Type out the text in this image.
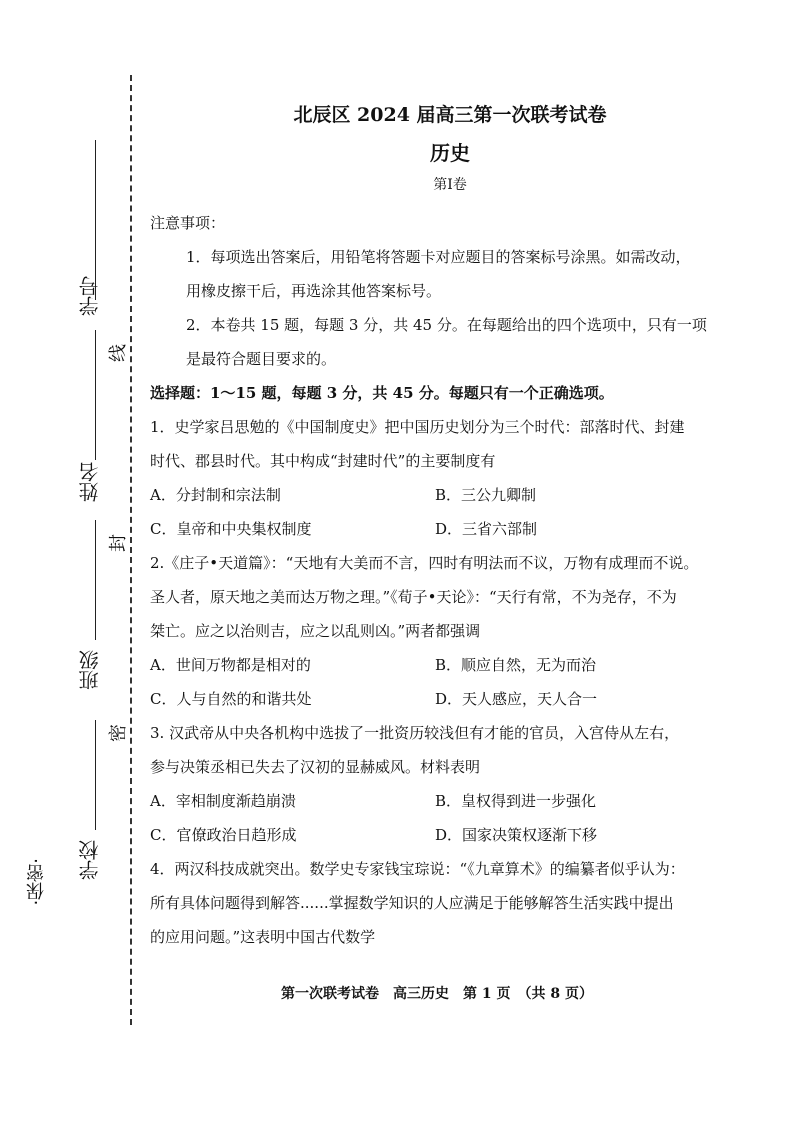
学号
姓名
班级
学校
线
封
密
·保密·
北辰区 2024 届高三第一次联考试卷
历史
第Ⅰ卷

注意事项：

1．每项选出答案后，用铅笔将答题卡对应题目的答案标号涂黑。如需改动，

用橡皮擦干后，再选涂其他答案标号。

2．本卷共 15 题，每题 3 分，共 45 分。在每题给出的四个选项中，只有一项

是最符合题目要求的。

选择题：1～15 题，每题 3 分，共 45 分。每题只有一个正确选项。

1．史学家吕思勉的《中国制度史》把中国历史划分为三个时代：部落时代、封建

时代、郡县时代。其中构成“封建时代”的主要制度有

A．分封制和宗法制	B．三公九卿制
C．皇帝和中央集权制度	D．三省六部制

2.《庄子•天道篇》：“天地有大美而不言，四时有明法而不议，万物有成理而不说。

圣人者，原天地之美而达万物之理。”《荀子•天论》：“天行有常，不为尧存，不为

桀亡。应之以治则吉，应之以乱则凶。”两者都强调

A．世间万物都是相对的	B．顺应自然，无为而治
C．人与自然的和谐共处	D．天人感应，天人合一

3. 汉武帝从中央各机构中选拔了一批资历较浅但有才能的官员，入宫侍从左右，

参与决策丞相已失去了汉初的显赫威风。材料表明

A．宰相制度渐趋崩溃	B．皇权得到进一步强化
C．官僚政治日趋形成	D．国家决策权逐渐下移

4．两汉科技成就突出。数学史专家钱宝琮说：“《九章算术》的编纂者似乎认为：

所有具体问题得到解答......掌握数学知识的人应满足于能够解答生活实践中提出

的应用问题。”这表明中国古代数学

第一次联考试卷　高三历史　第 1 页　（共 8 页）
